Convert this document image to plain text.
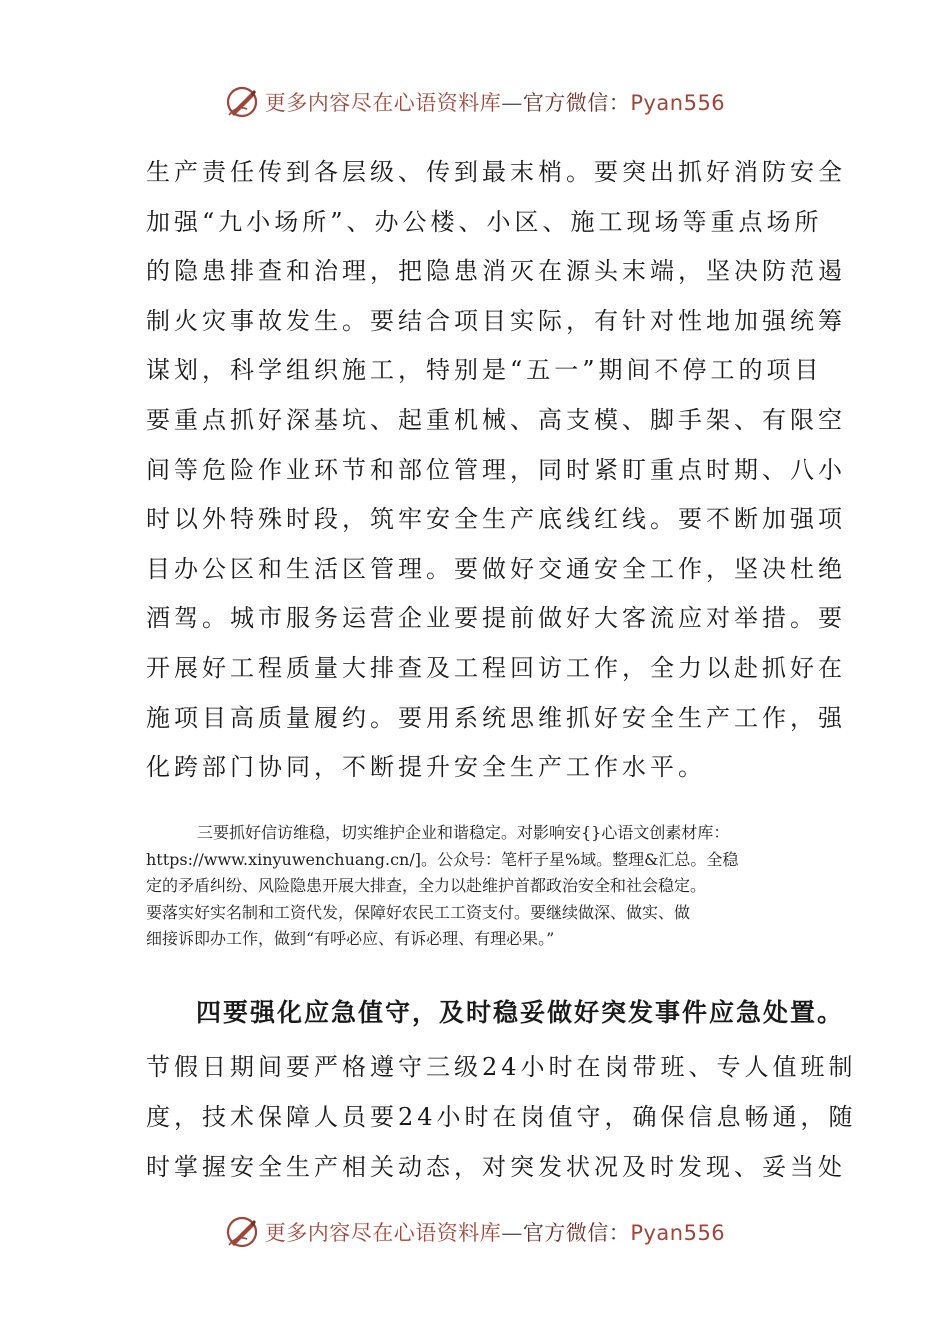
更多内容尽在心语资料库—官方微信：Pyan556
生产责任传到各层级、传到最末梢。要突出抓好消防安全
加强“九小场所”、办公楼、小区、施工现场等重点场所
的隐患排查和治理，把隐患消灭在源头末端，坚决防范遏
制火灾事故发生。要结合项目实际，有针对性地加强统筹
谋划，科学组织施工，特别是“五一”期间不停工的项目
要重点抓好深基坑、起重机械、高支模、脚手架、有限空
间等危险作业环节和部位管理，同时紧盯重点时期、八小
时以外特殊时段，筑牢安全生产底线红线。要不断加强项
目办公区和生活区管理。要做好交通安全工作，坚决杜绝
酒驾。城市服务运营企业要提前做好大客流应对举措。要
开展好工程质量大排查及工程回访工作，全力以赴抓好在
施项目高质量履约。要用系统思维抓好安全生产工作，强
化跨部门协同，不断提升安全生产工作水平。
三要抓好信访维稳，切实维护企业和谐稳定。对影响安{}心语文创素材库：
https://www.xinyuwenchuang.cn/]。公众号：笔杆子星%域。整理&汇总。全稳
定的矛盾纠纷、风险隐患开展大排查，全力以赴维护首都政治安全和社会稳定。
要落实好实名制和工资代发，保障好农民工工资支付。要继续做深、做实、做
细接诉即办工作，做到“有呼必应、有诉必理、有理必果。”
四要强化应急值守，及时稳妥做好突发事件应急处置。
节假日期间要严格遵守三级24小时在岗带班、专人值班制
度，技术保障人员要24小时在岗值守，确保信息畅通，随
时掌握安全生产相关动态，对突发状况及时发现、妥当处
更多内容尽在心语资料库—官方微信：Pyan556
